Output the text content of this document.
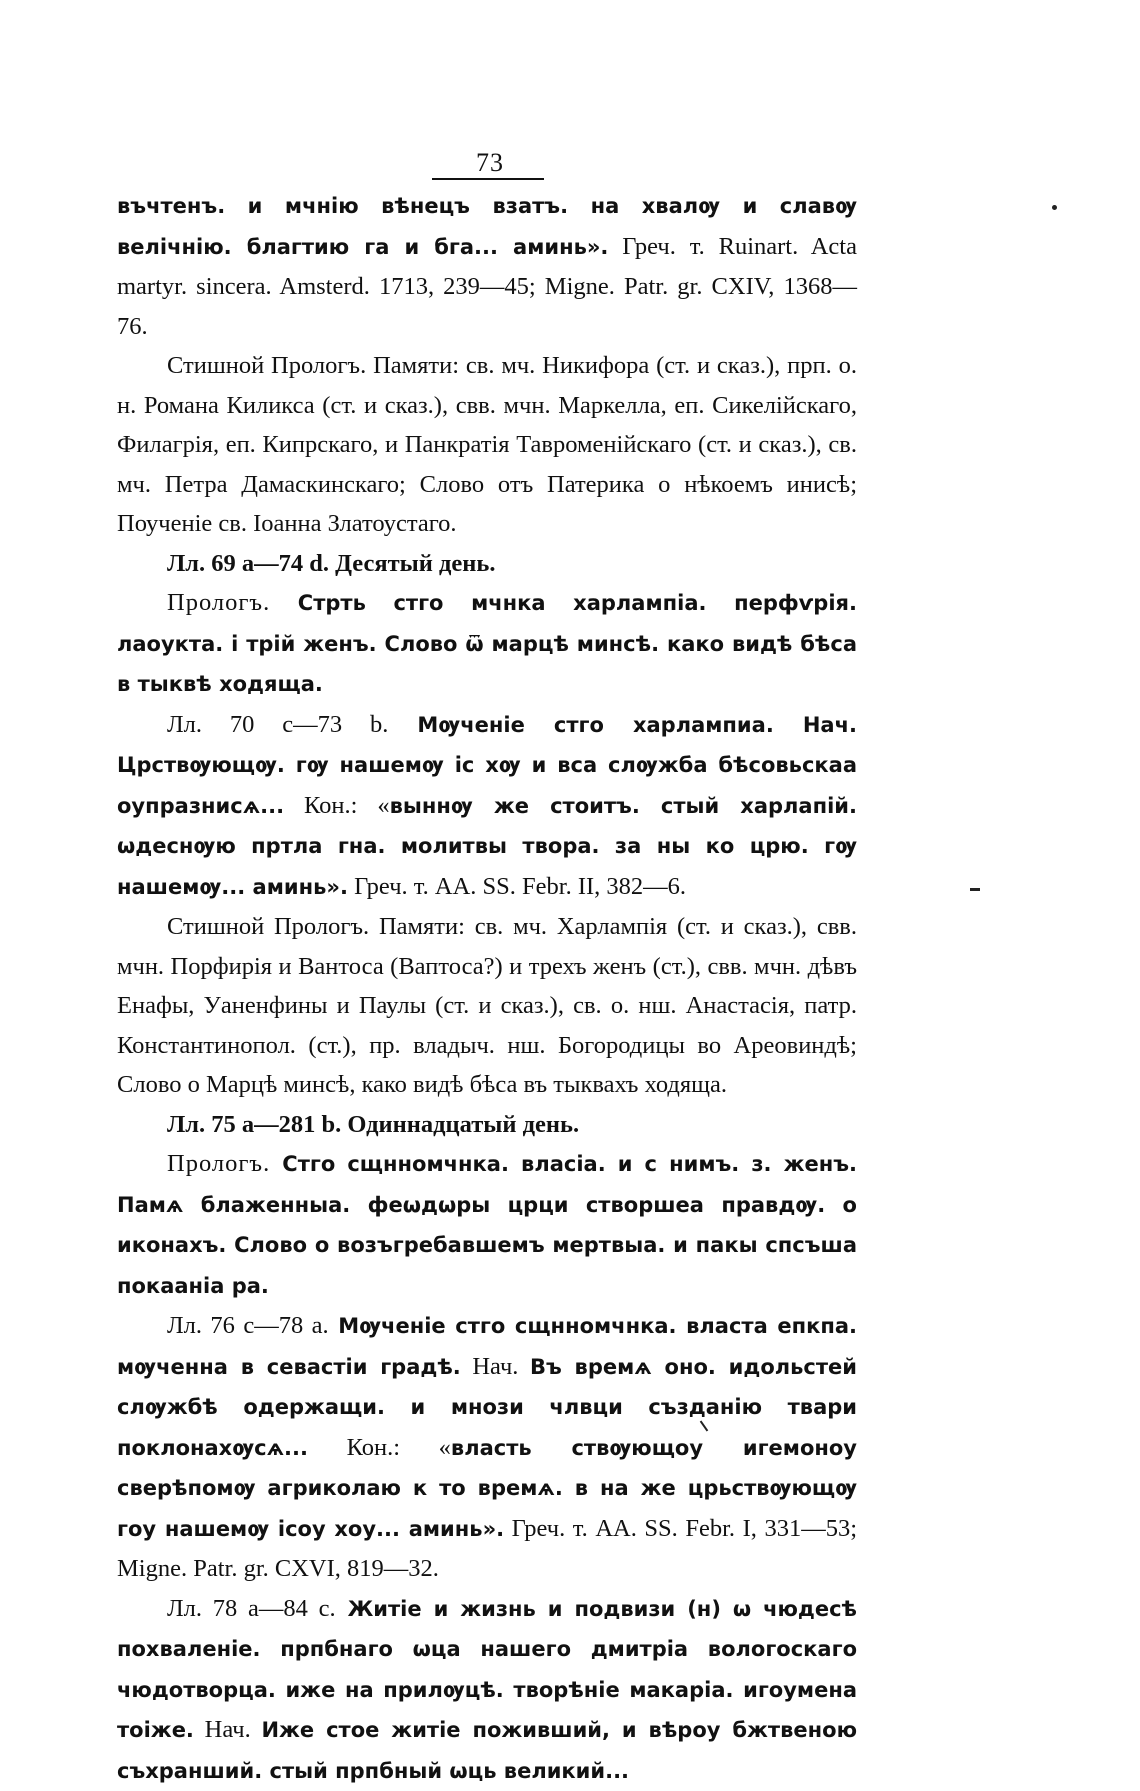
73

въчтенъ. и мчнію вѣнецъ взатъ. на хвалѹ и славѹ велічнію. благтию га и бга... аминь». Греч. т. Ruinart. Acta martyr. sincera. Amsterd. 1713, 239—45; Migne. Patr. gr. CXIV, 1368—76.

Стишной Прологъ. Памяти: св. мч. Никифора (ст. и сказ.), прп. о. н. Романа Киликса (ст. и сказ.), свв. мчн. Маркелла, еп. Сикелійскаго, Филагрія, еп. Кипрскаго, и Панкратія Тавроменійскаго (ст. и сказ.), св. мч. Петра Дамаскинскаго; Слово отъ Патерика о нѣкоемъ инисѣ; Поученіе св. Іоанна Златоустаго.

Лл. 69 а—74 d. Десятый день.

Прологъ. Стрть стго мчнка харлампіа. перфѵрія. лаоукта. і трій женъ. Слово ѿ марцѣ минсѣ. како видѣ бѣса в тыквѣ ходяща.

Лл. 70 с—73 b. Мѹченіе стго харлампиа. Нач. Црствѹющѹ. гѹ нашемѹ іс хѹ и вса слѹжба бѣсовьскаа оупразнисѧ... Кон.: «выннѹ же стоитъ. стый харлапій. ѡдеснѹю пртла гна. молитвы твора. за ны ко црю. гѹ нашемѹ... аминь». Греч. т. AA. SS. Febr. II, 382—6.

Стишной Прологъ. Памяти: св. мч. Харлампія (ст. и сказ.), свв. мчн. Порфирія и Вантоса (Ваптоса?) и трехъ женъ (ст.), свв. мчн. дѣвъ Енафы, Уаненфины и Паулы (ст. и сказ.), св. о. нш. Анастасія, патр. Константинопол. (ст.), пр. владыч. нш. Богородицы во Ареовиндѣ; Слово о Марцѣ минсѣ, како видѣ бѣса въ тыквахъ ходяща.

Лл. 75 а—281 b. Одиннадцатый день.

Прологъ. Стго сщнномчнка. власіа. и с нимъ. з. женъ. Памѧ блаженныа. феωдωры црци створшеа правдѹ. о иконахъ. Слово о возъгребавшемъ мертвыа. и пакы спсъша покааніа ра.

Лл. 76 с—78 а. Мѹченіе стго сщнномчнка. власта епкпа. мѹченна в севастіи градѣ. Нач. Въ времѧ оно. идольстей слѹжбѣ одержащи. и мнози члвци създанію твари поклонахѹсѧ... Кон.: «власть ствѹющоу игемоноу сверѣпомѹ агриколаю к то времѧ. в на же црьствѹющѹ гоу нашемѹ ісоу хоу... аминь». Греч. т. AA. SS. Febr. I, 331—53; Migne. Patr. gr. CXVI, 819—32.

Лл. 78 а—84 с. Житіе и жизнь и подвизи (н) ѡ чюдесѣ похваленіе. прпбнаго ѡца нашего дмитріа вологоскаго чюдотворца. иже на прилѹцѣ. творѣніе макаріа. игоумена тоіже. Нач. Иже стое житіе поживший, и вѣроу бжтвеною съхранший. стый прпбный ѡць великий...
